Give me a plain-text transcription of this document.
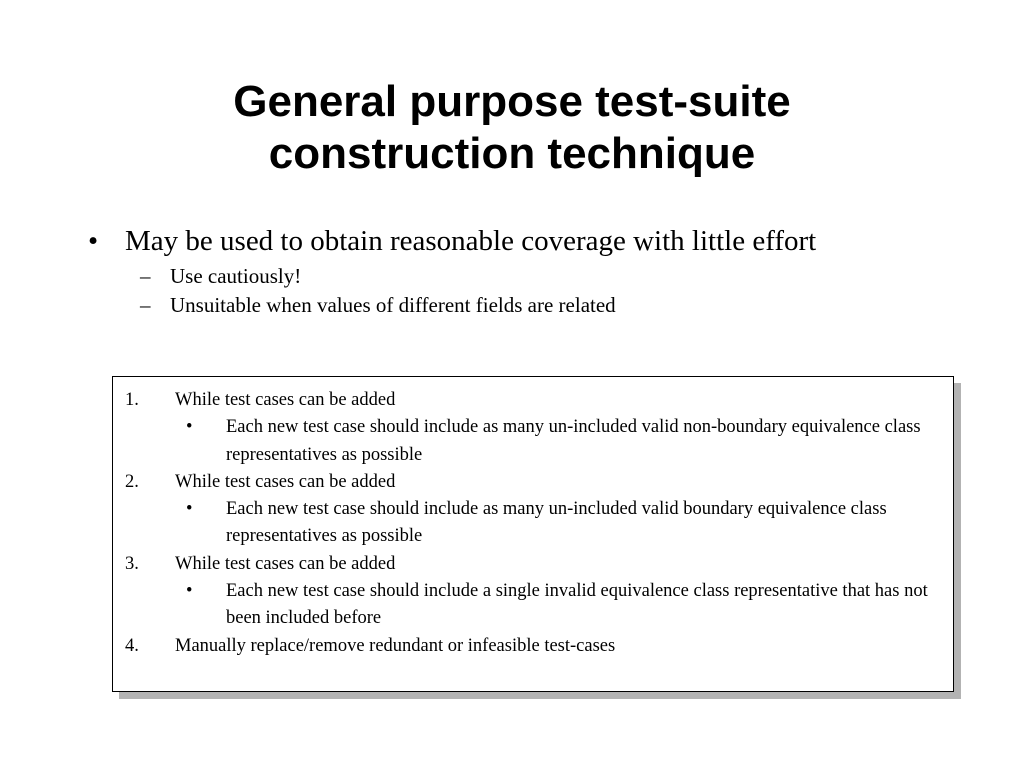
General purpose test-suite
construction technique
• May be used to obtain reasonable coverage with little effort
– Use cautiously!
– Unsuitable when values of different fields are related
1. While test cases can be added
• Each new test case should include as many un-included valid non-boundary equivalence class representatives as possible
2. While test cases can be added
• Each new test case should include as many un-included valid boundary equivalence class representatives as possible
3. While test cases can be added
• Each new test case should include a single invalid equivalence class representative that has not been included before
4. Manually replace/remove redundant or infeasible test-cases
